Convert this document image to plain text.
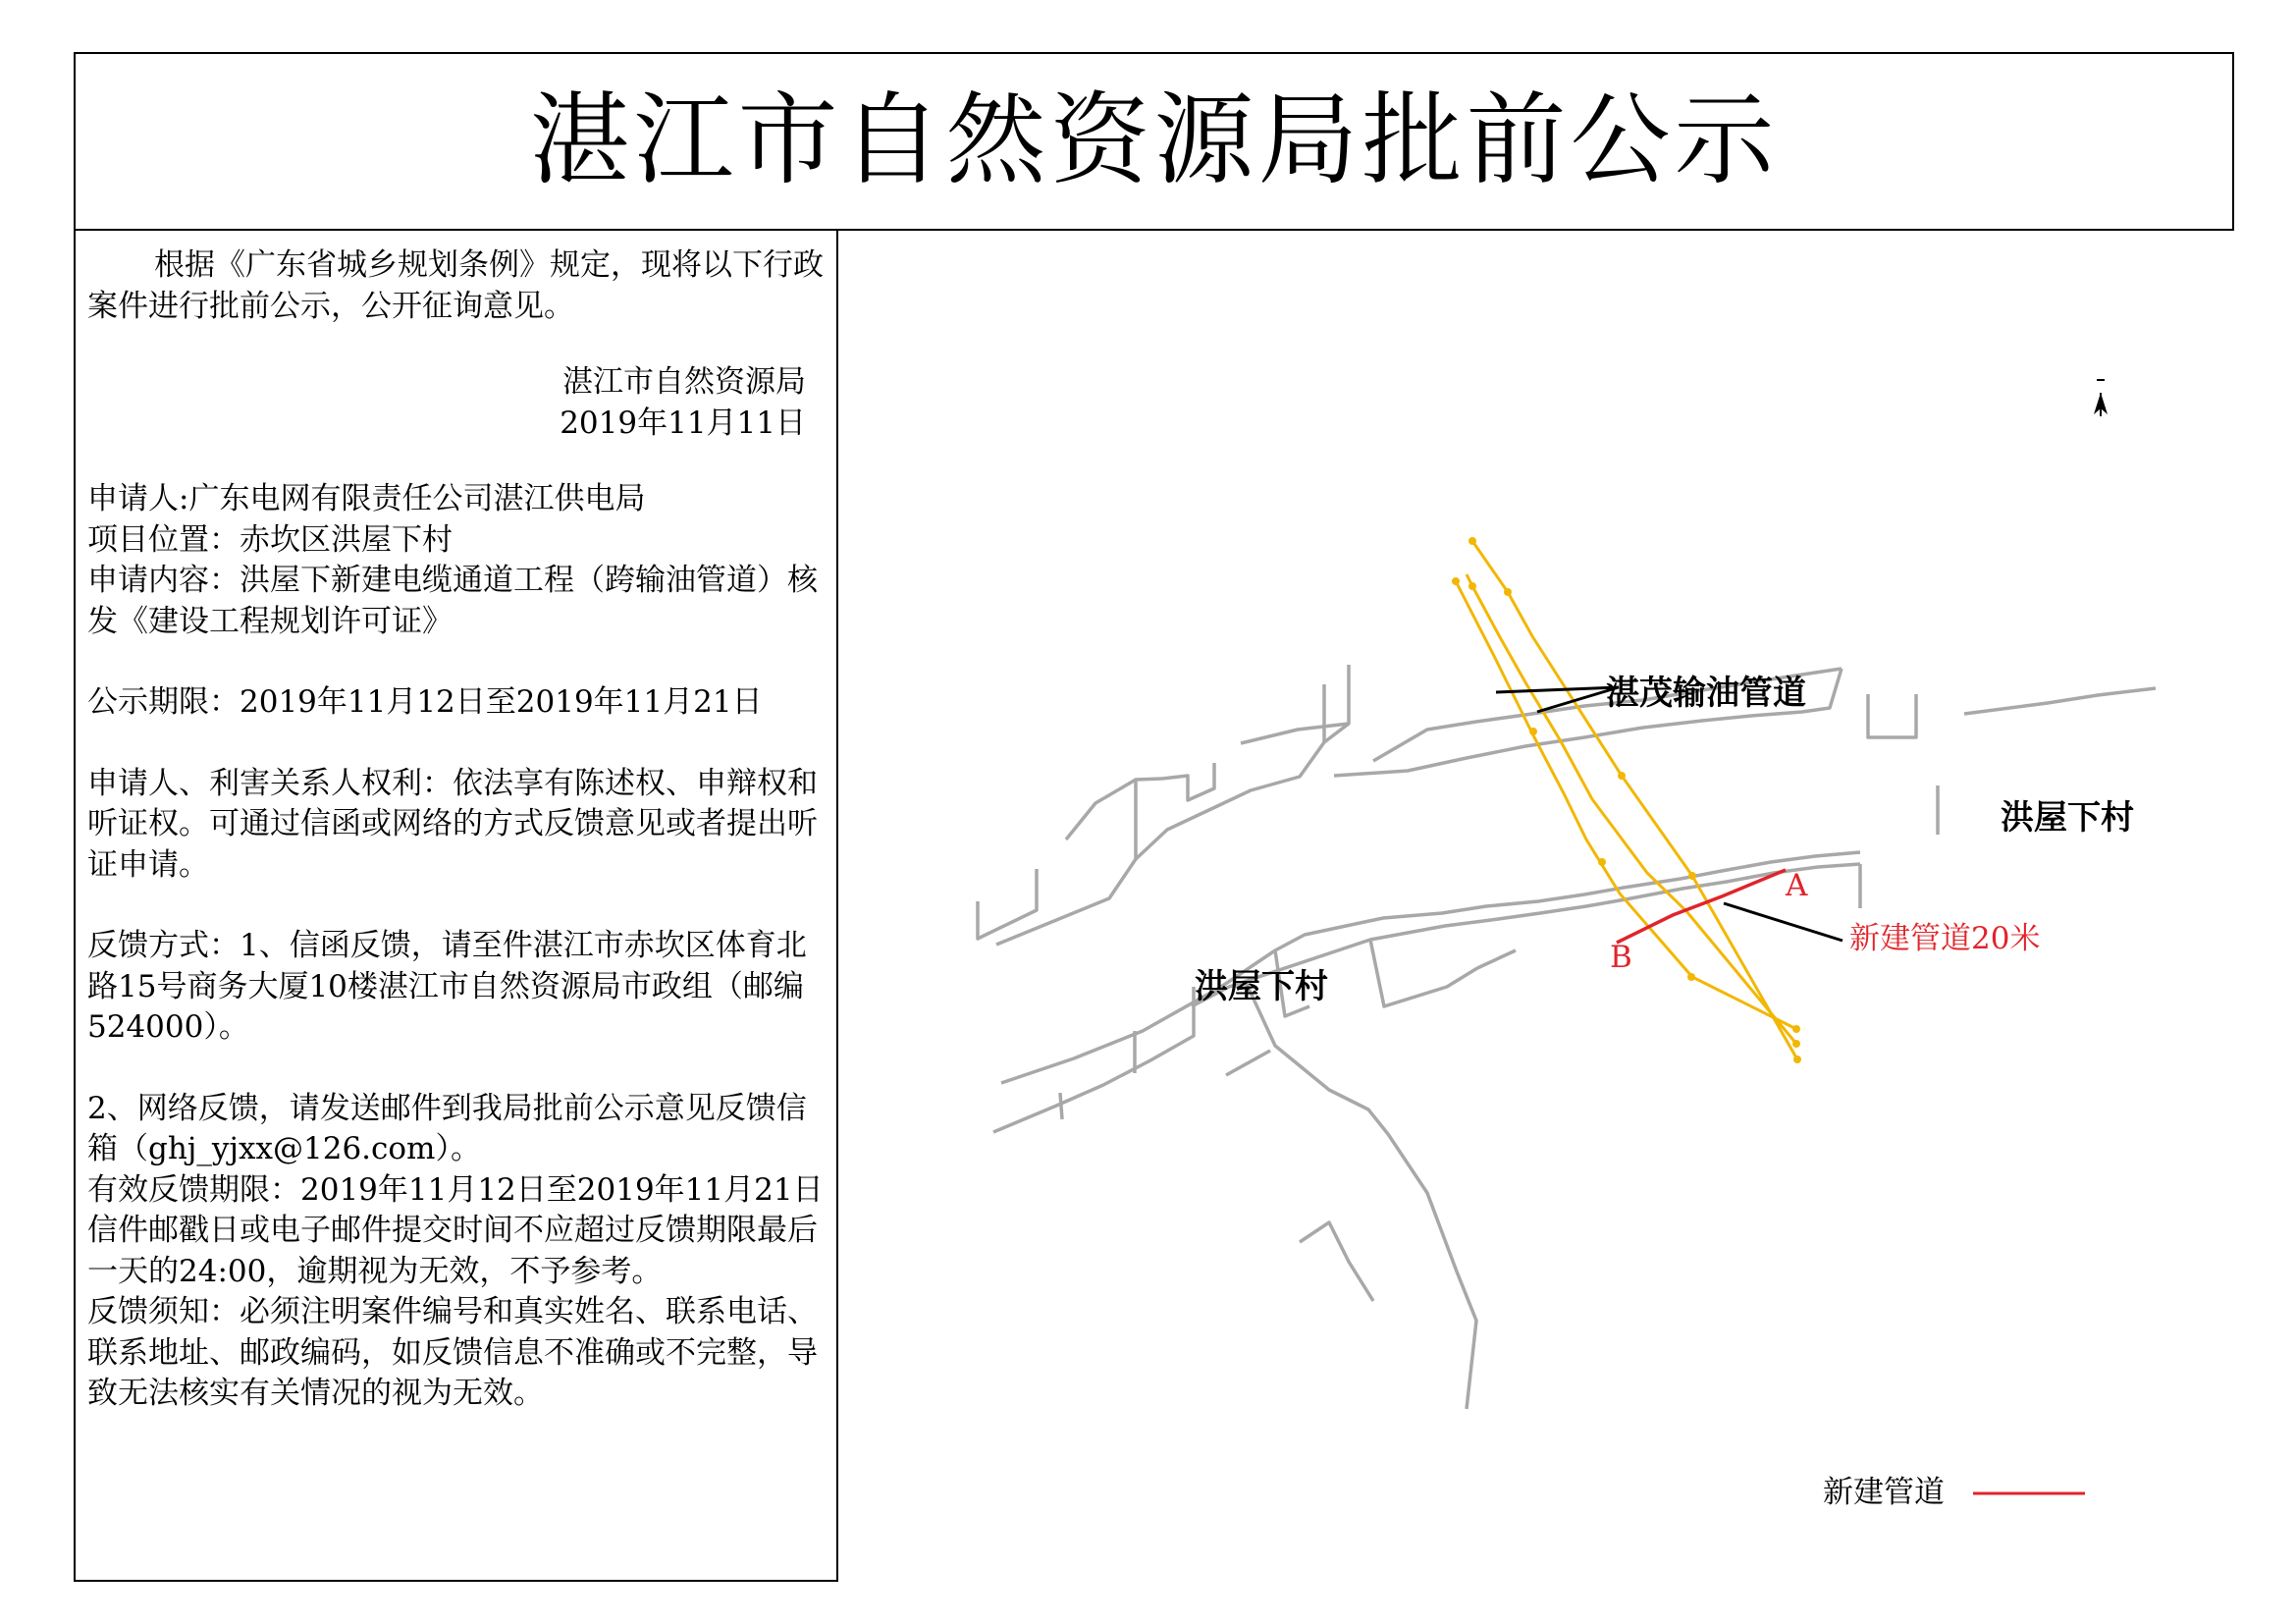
湛江市自然资源局批前公示

根据《广东省城乡规划条例》规定，现将以下行政案件进行批前公示，公开征询意见。

湛江市自然资源局

2019年11月11日

申请人:广东电网有限责任公司湛江供电局

项目位置：赤坎区洪屋下村

申请内容：洪屋下新建电缆通道工程（跨输油管道）核发《建设工程规划许可证》

公示期限：2019年11月12日至2019年11月21日

申请人、利害关系人权利：依法享有陈述权、申辩权和听证权。可通过信函或网络的方式反馈意见或者提出听证申请。

反馈方式：1、信函反馈，请至件湛江市赤坎区体育北路15号商务大厦10楼湛江市自然资源局市政组（邮编524000）。

2、网络反馈，请发送邮件到我局批前公示意见反馈信箱（ghj_yjxx@126.com）。

有效反馈期限：2019年11月12日至2019年11月21日

信件邮戳日或电子邮件提交时间不应超过反馈期限最后一天的24:00，逾期视为无效，不予参考。

反馈须知：必须注明案件编号和真实姓名、联系电话、联系地址、邮政编码，如反馈信息不准确或不完整，导致无法核实有关情况的视为无效。

湛茂输油管道
洪屋下村
洪屋下村
A
B
新建管道20米
新建管道
